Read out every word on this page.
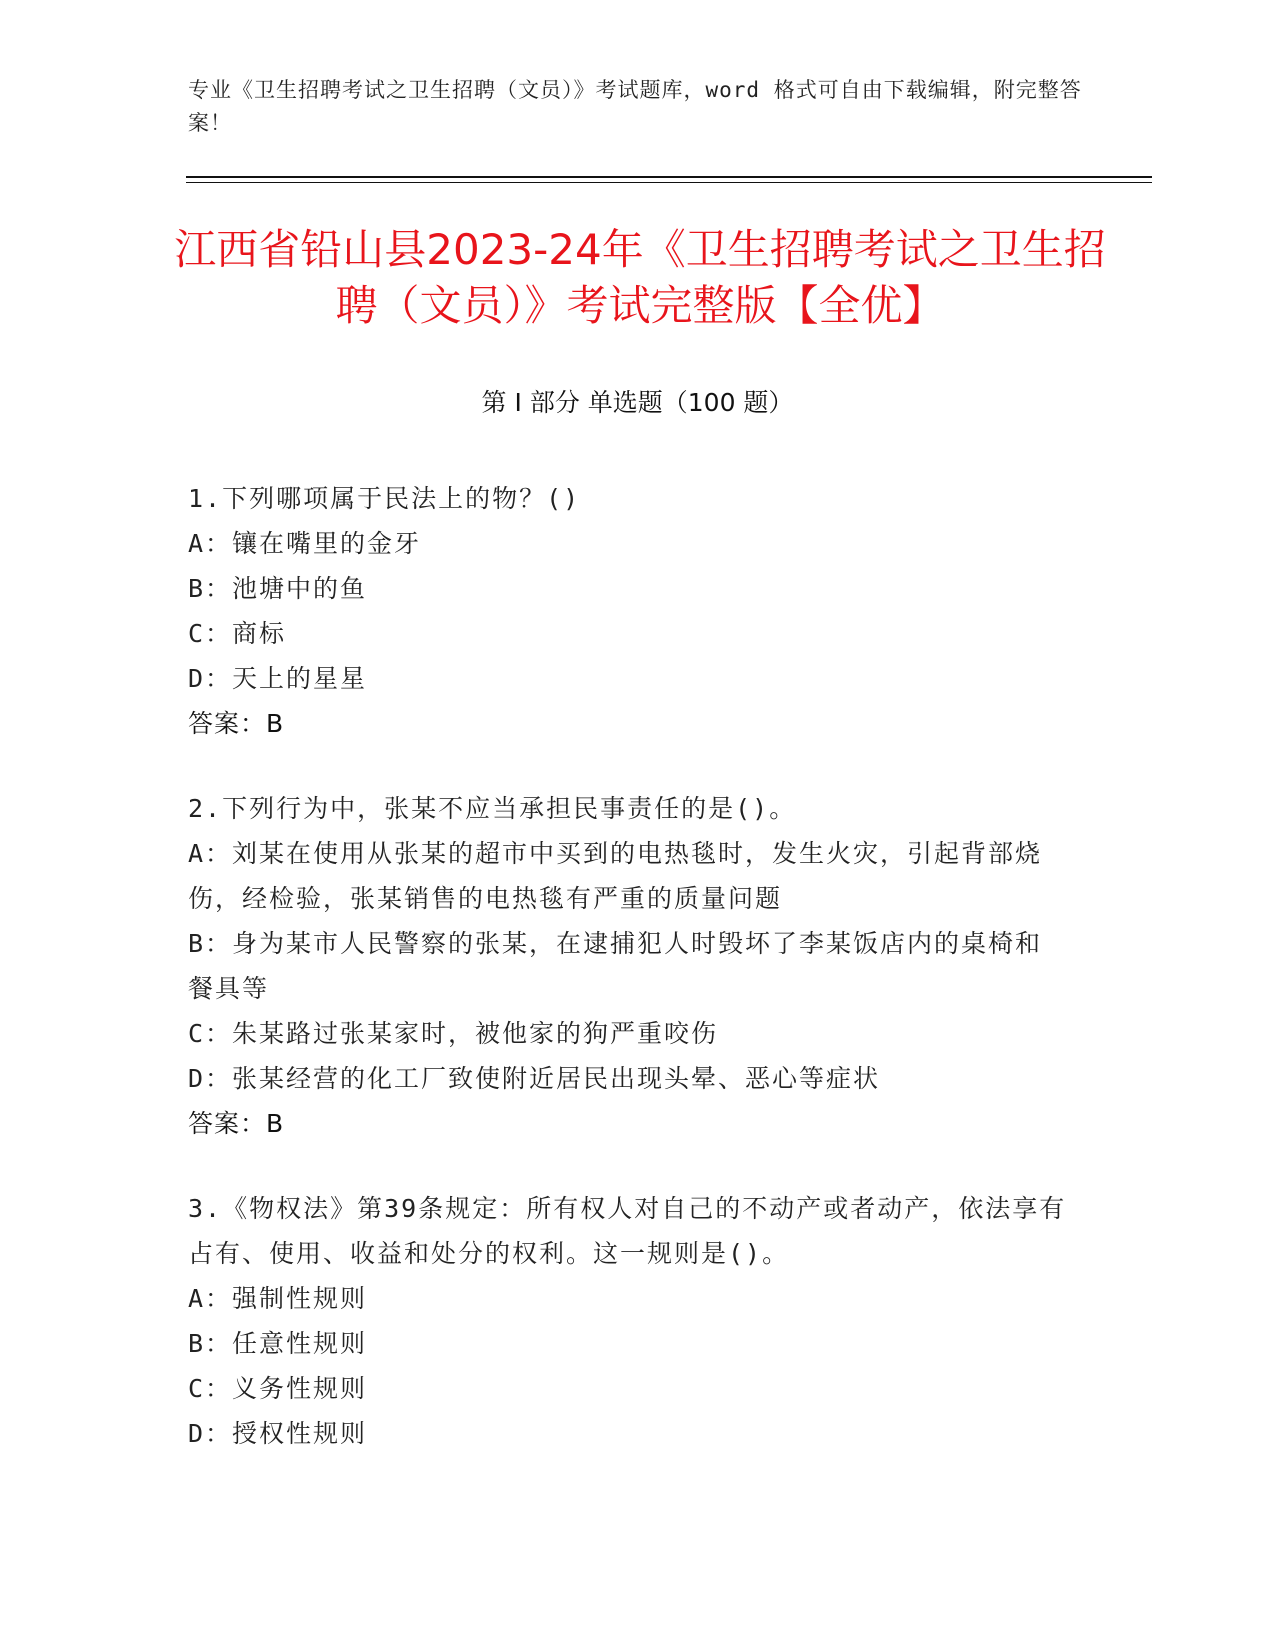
专业《卫生招聘考试之卫生招聘（文员）》考试题库，word 格式可自由下载编辑，附完整答案！
江西省铅山县2023-24年《卫生招聘考试之卫生招聘（文员）》考试完整版【全优】
第 I 部分 单选题（100 题）
1.下列哪项属于民法上的物？()
A：镶在嘴里的金牙
B：池塘中的鱼
C：商标
D：天上的星星
答案：B
2.下列行为中，张某不应当承担民事责任的是()。
A：刘某在使用从张某的超市中买到的电热毯时，发生火灾，引起背部烧伤，经检验，张某销售的电热毯有严重的质量问题
B：身为某市人民警察的张某，在逮捕犯人时毁坏了李某饭店内的桌椅和餐具等
C：朱某路过张某家时，被他家的狗严重咬伤
D：张某经营的化工厂致使附近居民出现头晕、恶心等症状
答案：B
3.《物权法》第39条规定：所有权人对自己的不动产或者动产，依法享有占有、使用、收益和处分的权利。这一规则是()。
A：强制性规则
B：任意性规则
C：义务性规则
D：授权性规则
